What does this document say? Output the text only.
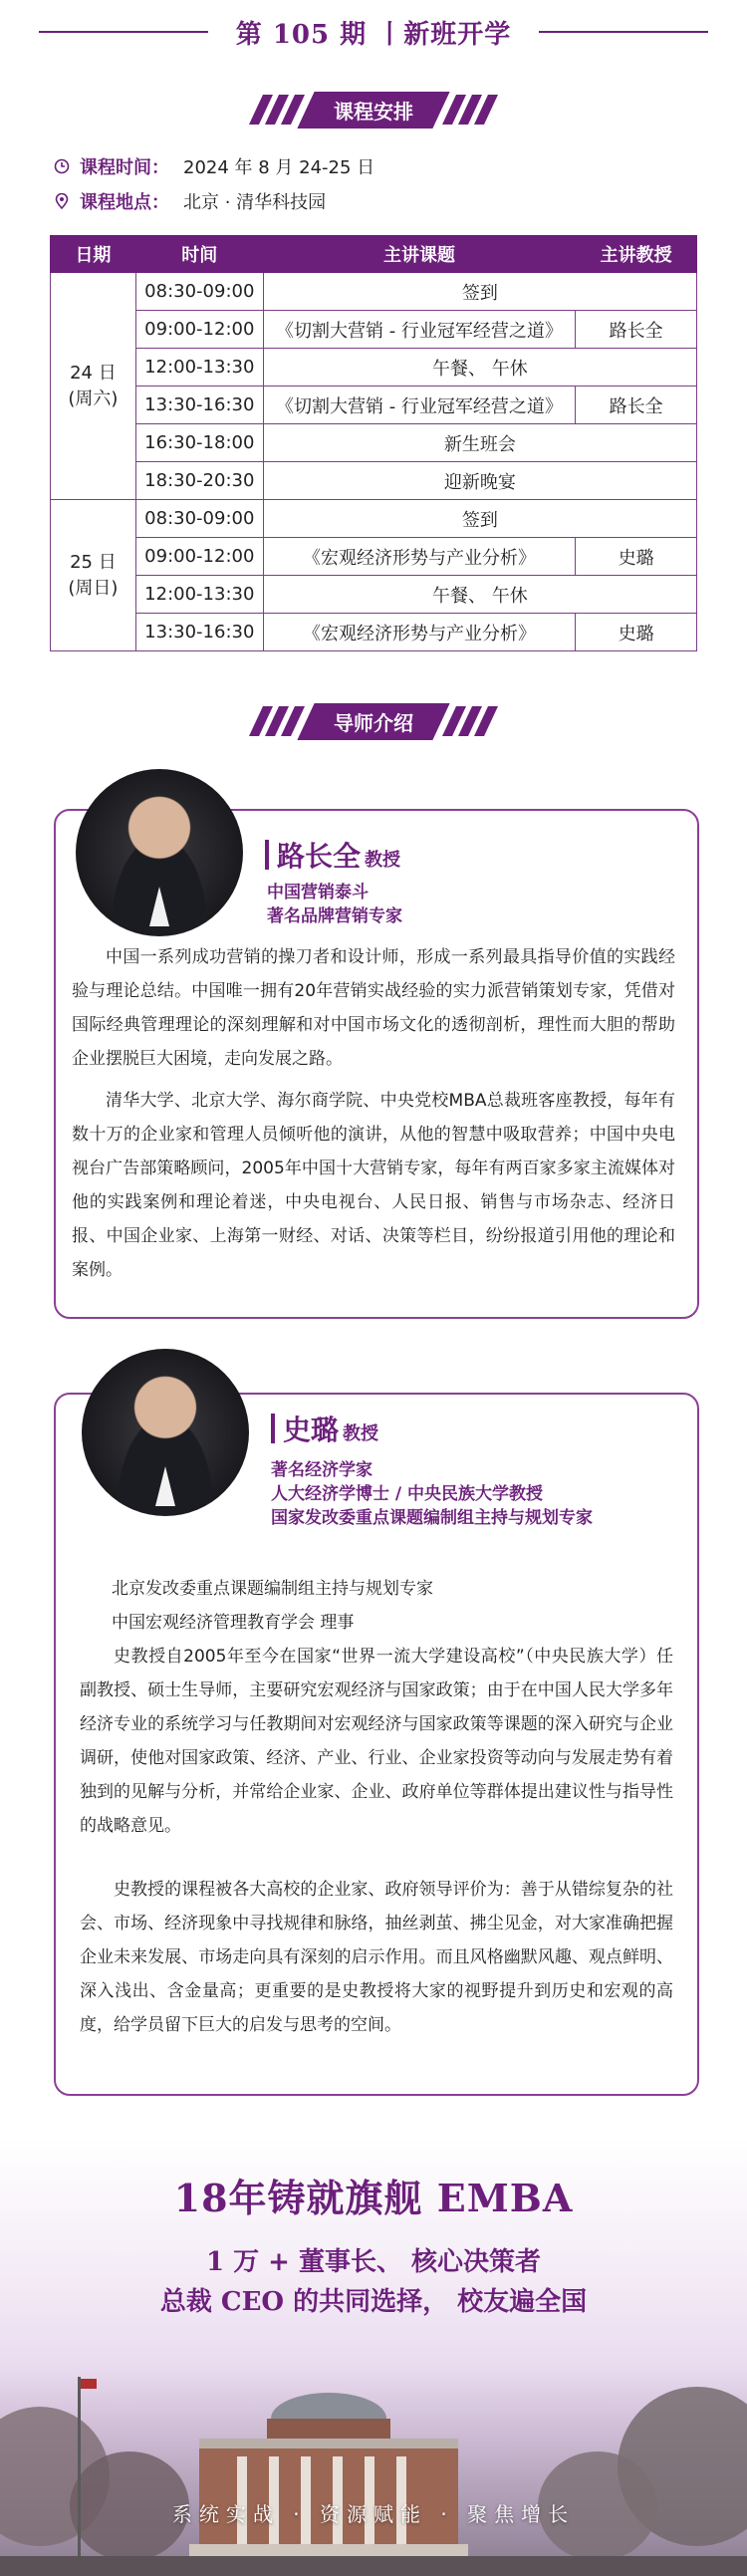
第 105 期 丨新班开学
课程安排
课程时间： 2024 年 8 月 24-25 日
课程地点： 北京 · 清华科技园
日期	时间	主讲课题	主讲教授
24 日
(周六)	08:30-09:00	签到	
	09:00-12:00	《切割大营销 - 行业冠军经营之道》	路长全
	12:00-13:30	午餐、 午休	
	13:30-16:30	《切割大营销 - 行业冠军经营之道》	路长全
	16:30-18:00	新生班会	
	18:30-20:30	迎新晚宴	
25 日
(周日)	08:30-09:00	签到	
	09:00-12:00	《宏观经济形势与产业分析》	史璐
	12:00-13:30	午餐、 午休	
	13:30-16:30	《宏观经济形势与产业分析》	史璐
导师介绍
路长全 教授
中国营销泰斗
著名品牌营销专家

中国一系列成功营销的操刀者和设计师，形成一系列最具指导价值的实践经验与理论总结。中国唯一拥有20年营销实战经验的实力派营销策划专家，凭借对国际经典管理理论的深刻理解和对中国市场文化的透彻剖析，理性而大胆的帮助企业摆脱巨大困境，走向发展之路。

清华大学、北京大学、海尔商学院、中央党校MBA总裁班客座教授，每年有数十万的企业家和管理人员倾听他的演讲，从他的智慧中吸取营养；中国中央电视台广告部策略顾问，2005年中国十大营销专家，每年有两百家多家主流媒体对他的实践案例和理论着迷，中央电视台、人民日报、销售与市场杂志、经济日报、中国企业家、上海第一财经、对话、决策等栏目，纷纷报道引用他的理论和案例。

史璐 教授
著名经济学家
人大经济学博士 / 中央民族大学教授
国家发改委重点课题编制组主持与规划专家

北京发改委重点课题编制组主持与规划专家

中国宏观经济管理教育学会 理事

史教授自2005年至今在国家“世界一流大学建设高校”（中央民族大学）任副教授、硕士生导师，主要研究宏观经济与国家政策；由于在中国人民大学多年经济专业的系统学习与任教期间对宏观经济与国家政策等课题的深入研究与企业调研，使他对国家政策、经济、产业、行业、企业家投资等动向与发展走势有着独到的见解与分析，并常给企业家、企业、政府单位等群体提出建议性与指导性的战略意见。

史教授的课程被各大高校的企业家、政府领导评价为：善于从错综复杂的社会、市场、经济现象中寻找规律和脉络，抽丝剥茧、拂尘见金，对大家准确把握企业未来发展、市场走向具有深刻的启示作用。而且风格幽默风趣、观点鲜明、深入浅出、含金量高；更重要的是史教授将大家的视野提升到历史和宏观的高度，给学员留下巨大的启发与思考的空间。

18年铸就旗舰 EMBA
1 万 + 董事长、 核心决策者
总裁 CEO 的共同选择， 校友遍全国
系统实战 · 资源赋能 · 聚焦增长
